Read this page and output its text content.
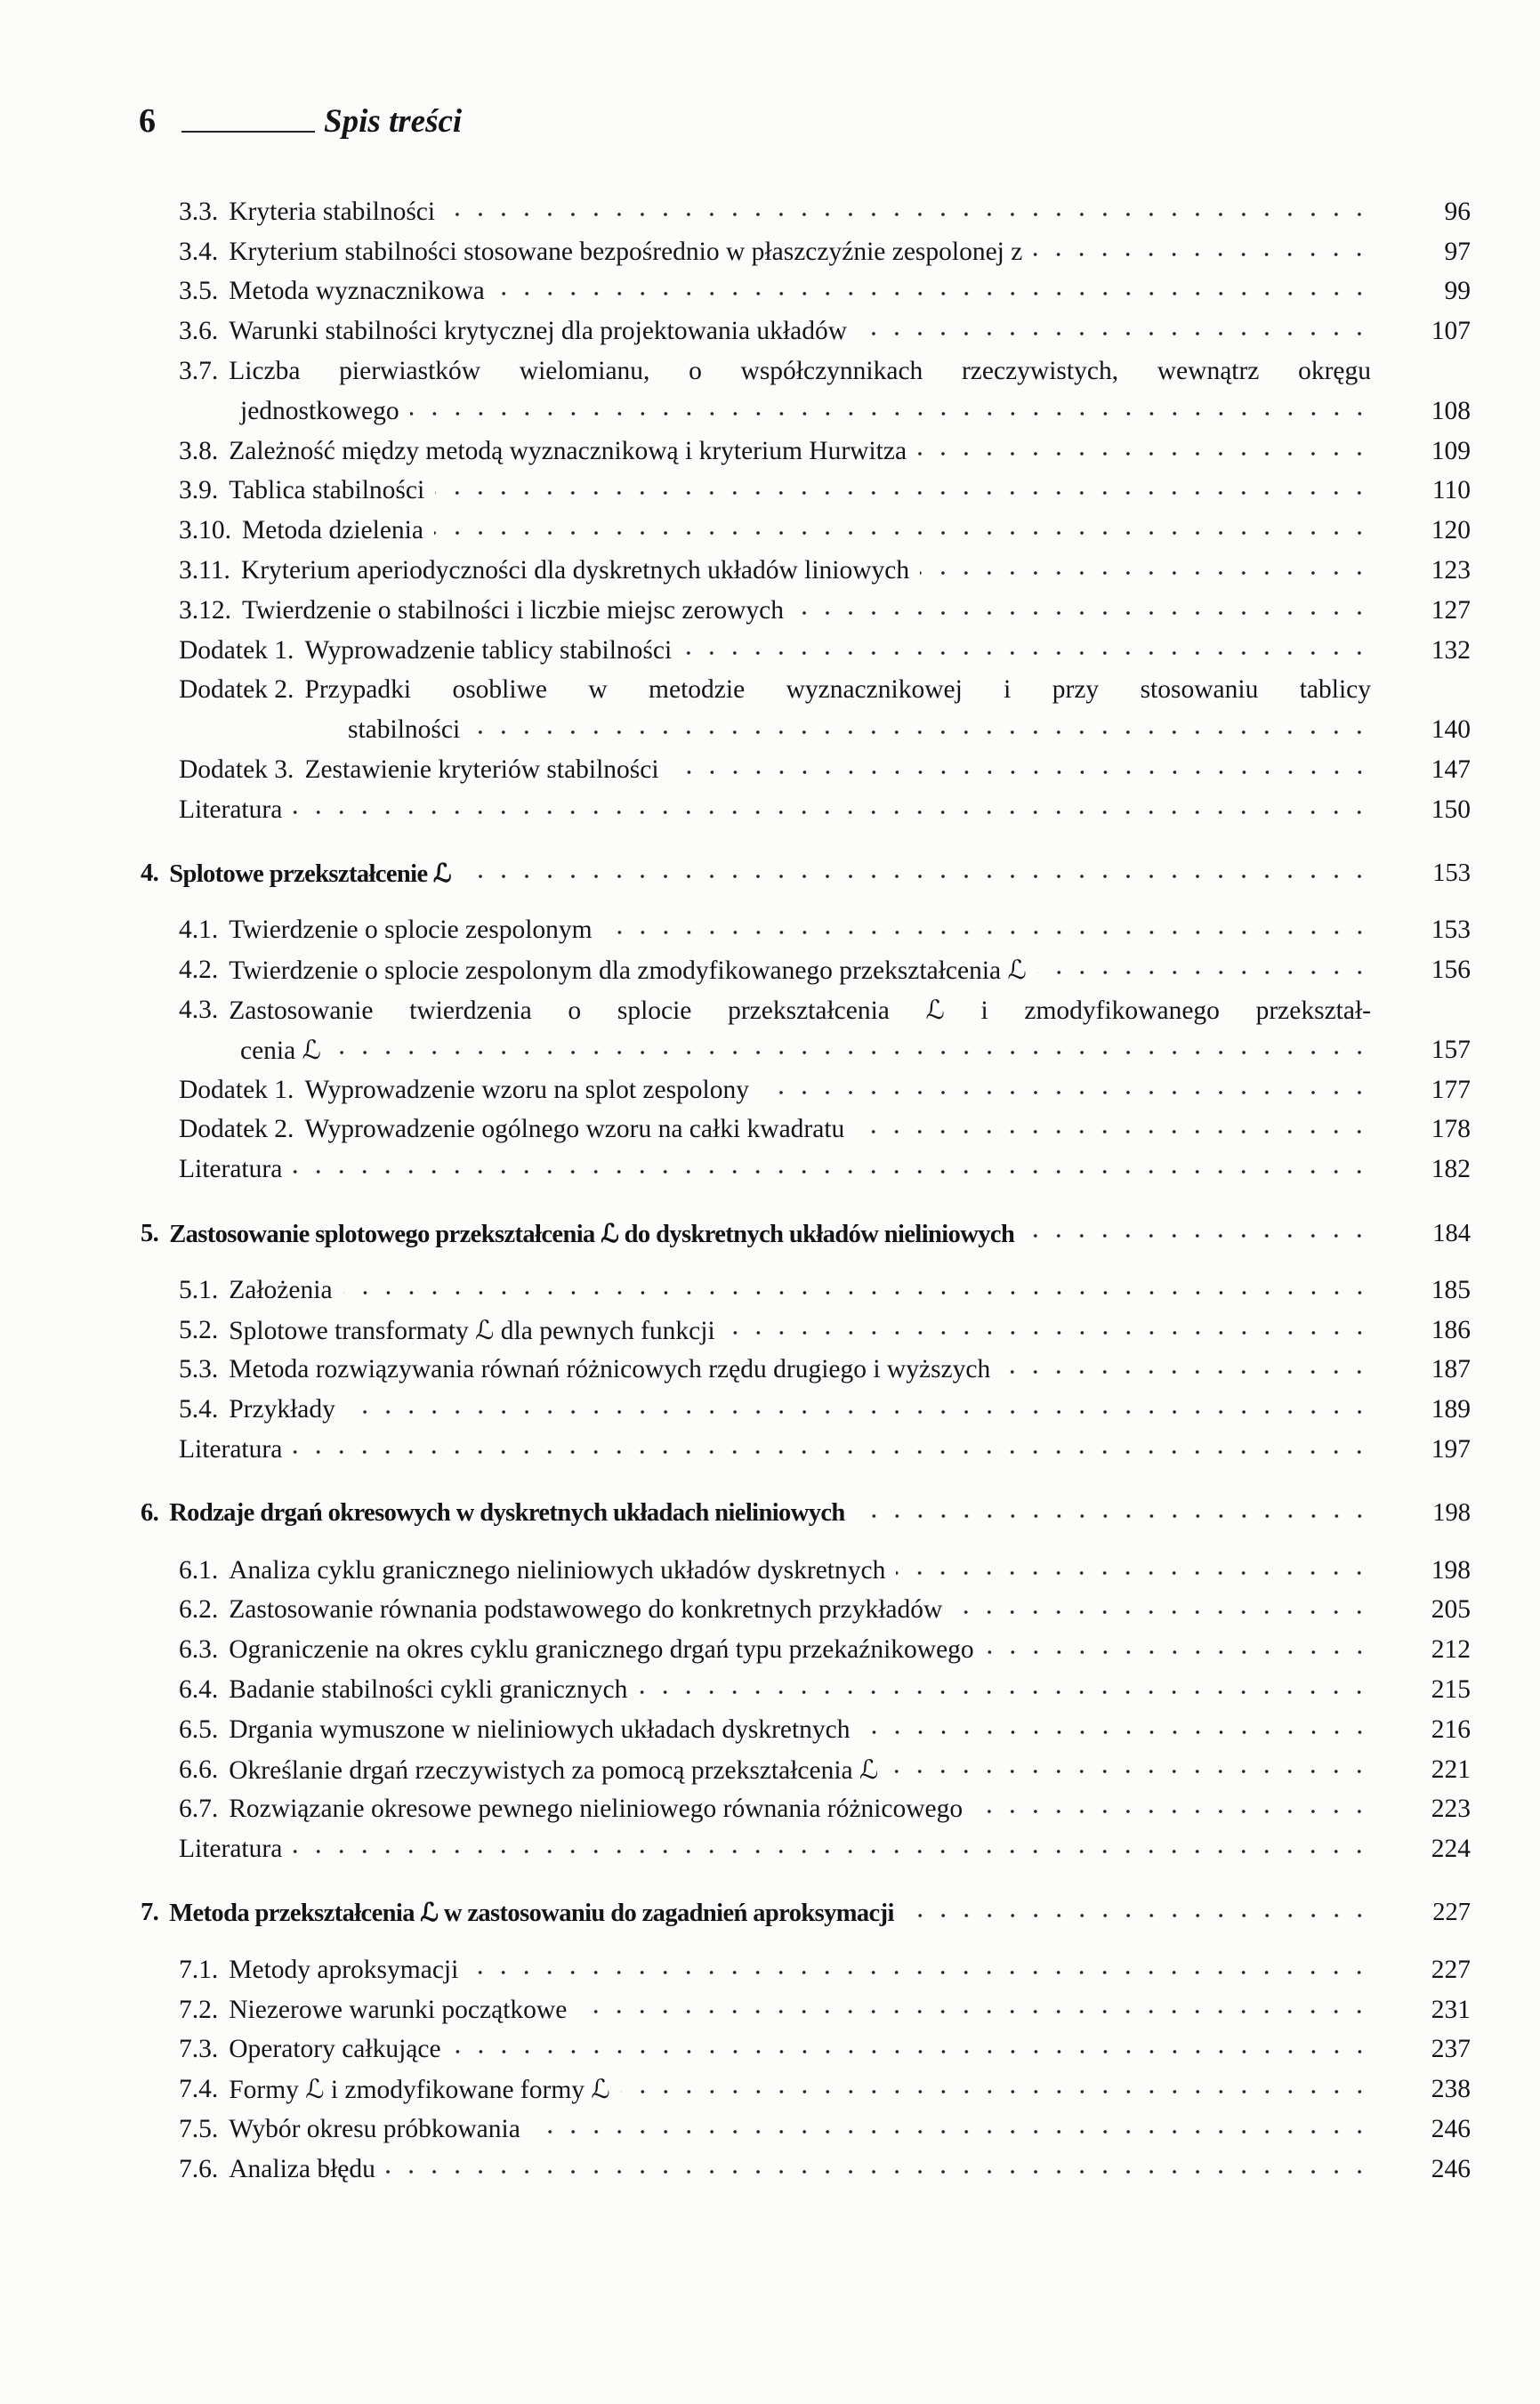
6	Spis treści
3.3. Kryteria stabilności	96
3.4. Kryterium stabilności stosowane bezpośrednio w płaszczyźnie zespolonej z	97
3.5. Metoda wyznacznikowa	99
3.6. Warunki stabilności krytycznej dla projektowania układów	107
3.7. Liczba pierwiastków wielomianu, o współczynnikach rzeczywistych, wewnątrz okręgu
jednostkowego	108
3.8. Zależność między metodą wyznacznikową i kryterium Hurwitza	109
3.9. Tablica stabilności	110
3.10. Metoda dzielenia	120
3.11. Kryterium aperiodyczności dla dyskretnych układów liniowych	123
3.12. Twierdzenie o stabilności i liczbie miejsc zerowych	127
Dodatek 1. Wyprowadzenie tablicy stabilności	132
Dodatek 2. Przypadki osobliwe w metodzie wyznacznikowej i przy stosowaniu tablicy
stabilności	140
Dodatek 3. Zestawienie kryteriów stabilności	147
Literatura	150
4. Splotowe przekształcenie ℒ	153
4.1. Twierdzenie o splocie zespolonym	153
4.2. Twierdzenie o splocie zespolonym dla zmodyfikowanego przekształcenia ℒ	156
4.3. Zastosowanie twierdzenia o splocie przekształcenia ℒ i zmodyfikowanego przekształ-
cenia ℒ	157
Dodatek 1. Wyprowadzenie wzoru na splot zespolony	177
Dodatek 2. Wyprowadzenie ogólnego wzoru na całki kwadratu	178
Literatura	182
5. Zastosowanie splotowego przekształcenia ℒ do dyskretnych układów nieliniowych	184
5.1. Założenia	185
5.2. Splotowe transformaty ℒ dla pewnych funkcji	186
5.3. Metoda rozwiązywania równań różnicowych rzędu drugiego i wyższych	187
5.4. Przykłady	189
Literatura	197
6. Rodzaje drgań okresowych w dyskretnych układach nieliniowych	198
6.1. Analiza cyklu granicznego nieliniowych układów dyskretnych	198
6.2. Zastosowanie równania podstawowego do konkretnych przykładów	205
6.3. Ograniczenie na okres cyklu granicznego drgań typu przekaźnikowego	212
6.4. Badanie stabilności cykli granicznych	215
6.5. Drgania wymuszone w nieliniowych układach dyskretnych	216
6.6. Określanie drgań rzeczywistych za pomocą przekształcenia ℒ	221
6.7. Rozwiązanie okresowe pewnego nieliniowego równania różnicowego	223
Literatura	224
7. Metoda przekształcenia ℒ w zastosowaniu do zagadnień aproksymacji	227
7.1. Metody aproksymacji	227
7.2. Niezerowe warunki początkowe	231
7.3. Operatory całkujące	237
7.4. Formy ℒ i zmodyfikowane formy ℒ	238
7.5. Wybór okresu próbkowania	246
7.6. Analiza błędu	246
